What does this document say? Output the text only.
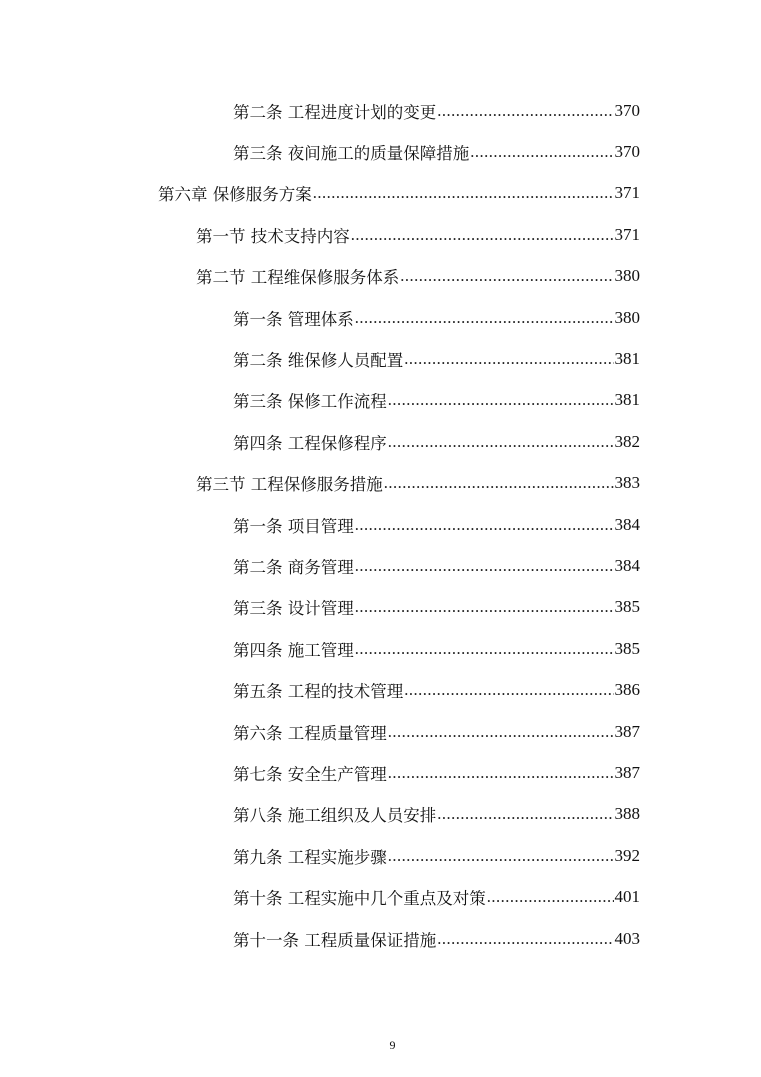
第二条 工程进度计划的变更 .....	370
第三条 夜间施工的质量保障措施 .....	370
第六章 保修服务方案 .....	371
第一节 技术支持内容 .....	371
第二节 工程维保修服务体系 .....	380
第一条 管理体系 .....	380
第二条 维保修人员配置 .....	381
第三条 保修工作流程 .....	381
第四条 工程保修程序 .....	382
第三节 工程保修服务措施 .....	383
第一条 项目管理 .....	384
第二条 商务管理 .....	384
第三条 设计管理 .....	385
第四条 施工管理 .....	385
第五条 工程的技术管理 .....	386
第六条 工程质量管理 .....	387
第七条 安全生产管理 .....	387
第八条 施工组织及人员安排 .....	388
第九条 工程实施步骤 .....	392
第十条 工程实施中几个重点及对策 .....	401
第十一条 工程质量保证措施 .....	403
9
